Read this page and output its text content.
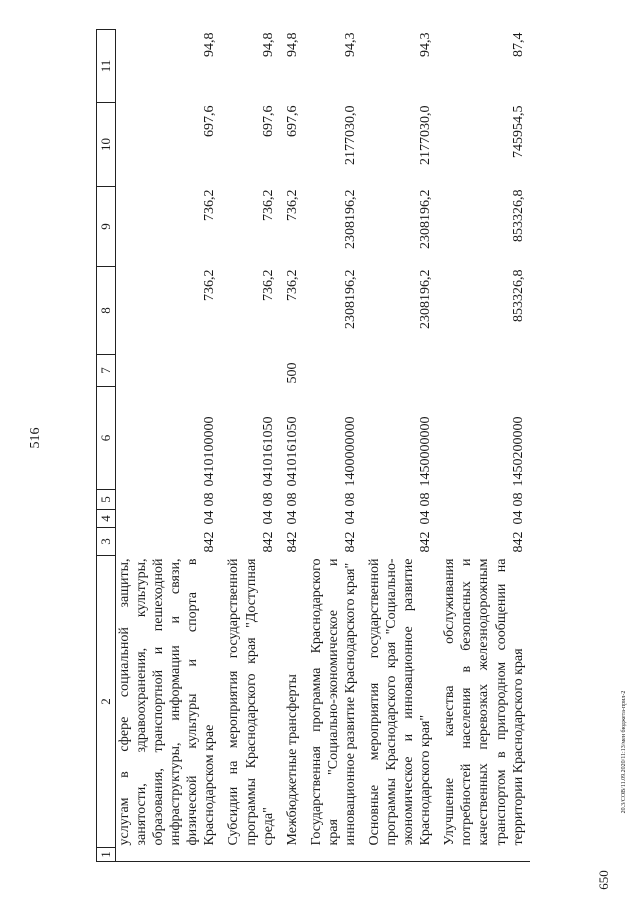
516
650
20.3/СОВ/11.09.2020/11:13/мен бюджета-прил-2
1	2	3	4	5	6	7	8	9	10	11
	услугам в сфере социальной защиты, занятости, здравоохранения, культуры, образования, транспортной и пешеходной инфраструктуры, информации и связи, физической культуры и спорта в Краснодарском крае	842	04	08	0410100000		736,2	736,2	697,6	94,8
	Субсидии на мероприятия государственной программы Краснодарского края "Доступная среда"	842	04	08	0410161050		736,2	736,2	697,6	94,8
	Межбюджетные трансферты	842	04	08	0410161050	500	736,2	736,2	697,6	94,8
	Государственная программа Краснодарского края "Социально-экономическое и инновационное развитие Краснодарского края"	842	04	08	1400000000		2308196,2	2308196,2	2177030,0	94,3
	Основные мероприятия государственной программы Краснодарского края "Социально-экономическое и инновационное развитие Краснодарского края"	842	04	08	1450000000		2308196,2	2308196,2	2177030,0	94,3
	Улучшение качества обслуживания потребностей населения в безопасных и качественных перевозках железнодорожным транспортом в пригородном сообщении на территории Краснодарского края	842	04	08	1450200000		853326,8	853326,8	745954,5	87,4
